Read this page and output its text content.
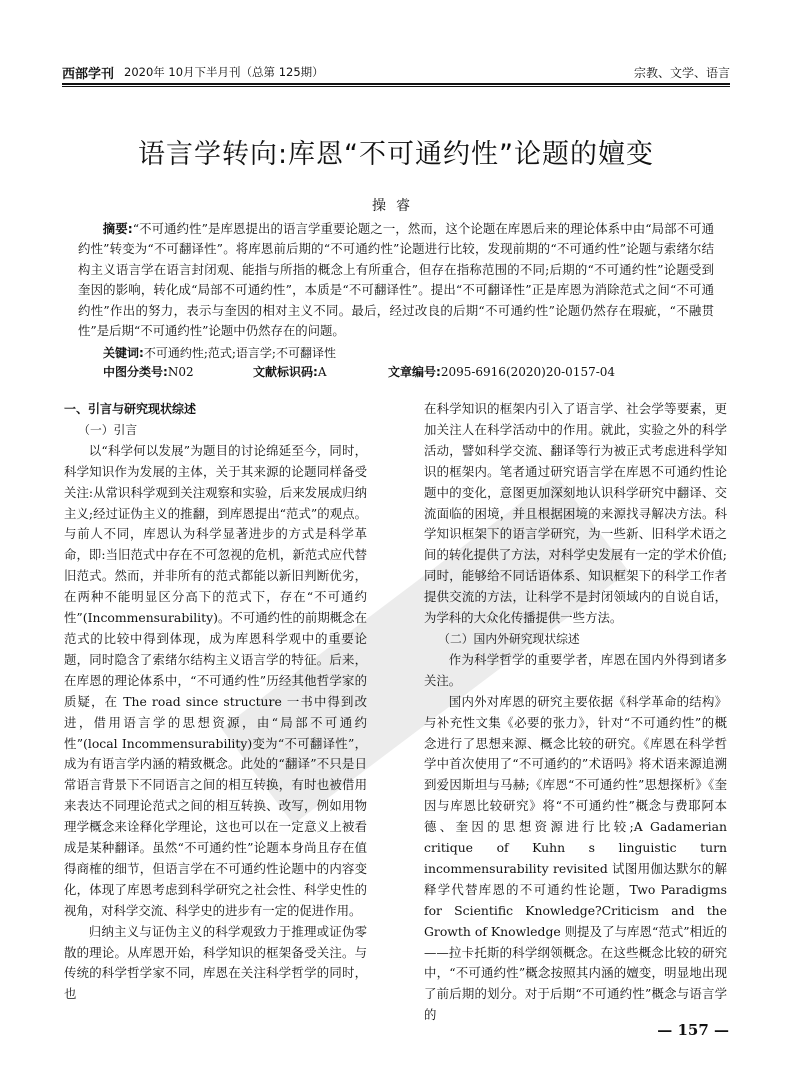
西部学刊 2020年 10月下半月刊（总第 125期）	宗教、文学、语言
语言学转向:库恩“不可通约性”论题的嬗变
操睿
摘要:“不可通约性”是库恩提出的语言学重要论题之一，然而，这个论题在库恩后来的理论体系中由“局部不可通约性”转变为“不可翻译性”。将库恩前后期的“不可通约性”论题进行比较，发现前期的“不可通约性”论题与索绪尔结构主义语言学在语言封闭观、能指与所指的概念上有所重合，但存在指称范围的不同;后期的“不可通约性”论题受到奎因的影响，转化成“局部不可通约性”，本质是“不可翻译性”。提出“不可翻译性”正是库恩为消除范式之间“不可通约性”作出的努力，表示与奎因的相对主义不同。最后，经过改良的后期“不可通约性”论题仍然存在瑕疵，“不融贯性”是后期“不可通约性”论题中仍然存在的问题。
关键词:不可通约性;范式;语言学;不可翻译性
中图分类号:N02	文献标识码:A	文章编号:2095-6916(2020)20-0157-04

一、引言与研究现状综述

（一）引言

以“科学何以发展”为题目的讨论绵延至今，同时，科学知识作为发展的主体，关于其来源的论题同样备受关注:从常识科学观到关注观察和实验，后来发展成归纳主义;经过证伪主义的推翻，到库恩提出“范式”的观点。与前人不同，库恩认为科学显著进步的方式是科学革命，即:当旧范式中存在不可忽视的危机，新范式应代替旧范式。然而，并非所有的范式都能以新旧判断优劣，在两种不能明显区分高下的范式下，存在“不可通约性”(Incommensurability)。不可通约性的前期概念在范式的比较中得到体现，成为库恩科学观中的重要论题，同时隐含了索绪尔结构主义语言学的特征。后来，在库恩的理论体系中，“不可通约性”历经其他哲学家的质疑，在 The road since structure 一书中得到改进，借用语言学的思想资源，由“局部不可通约性”(local Incommensurability)变为“不可翻译性”，成为有语言学内涵的精致概念。此处的“翻译”不只是日常语言背景下不同语言之间的相互转换，有时也被借用来表达不同理论范式之间的相互转换、改写，例如用物理学概念来诠释化学理论，这也可以在一定意义上被看成是某种翻译。虽然“不可通约性”论题本身尚且存在值得商榷的细节，但语言学在不可通约性论题中的内容变化，体现了库恩考虑到科学研究之社会性、科学史性的视角，对科学交流、科学史的进步有一定的促进作用。

归纳主义与证伪主义的科学观致力于推理或证伪零散的理论。从库恩开始，科学知识的框架备受关注。与传统的科学哲学家不同，库恩在关注科学哲学的同时，也

在科学知识的框架内引入了语言学、社会学等要素，更加关注人在科学活动中的作用。就此，实验之外的科学活动，譬如科学交流、翻译等行为被正式考虑进科学知识的框架内。笔者通过研究语言学在库恩不可通约性论题中的变化，意图更加深刻地认识科学研究中翻译、交流面临的困境，并且根据困境的来源找寻解决方法。科学知识框架下的语言学研究，为一些新、旧科学术语之间的转化提供了方法，对科学史发展有一定的学术价值;同时，能够给不同话语体系、知识框架下的科学工作者提供交流的方法，让科学不是封闭领域内的自说自话，为学科的大众化传播提供一些方法。

（二）国内外研究现状综述

作为科学哲学的重要学者，库恩在国内外得到诸多关注。

国内外对库恩的研究主要依据《科学革命的结构》与补充性文集《必要的张力》，针对“不可通约性”的概念进行了思想来源、概念比较的研究。《库恩在科学哲学中首次使用了“不可通约的”术语吗》将术语来源追溯到爱因斯坦与马赫;《库恩“不可通约性”思想探析》《奎因与库恩比较研究》将“不可通约性”概念与费耶阿本德、奎因的思想资源进行比较;A Gadamerian critique of Kuhn s linguistic turn incommensurability revisited 试图用伽达默尔的解释学代替库恩的不可通约性论题，Two Paradigms for Scientific Knowledge?Criticism and the Growth of Knowledge 则提及了与库恩“范式”相近的——拉卡托斯的科学纲领概念。在这些概念比较的研究中，“不可通约性”概念按照其内涵的嬗变，明显地出现了前后期的划分。对于后期“不可通约性”概念与语言学的

— 157 —
